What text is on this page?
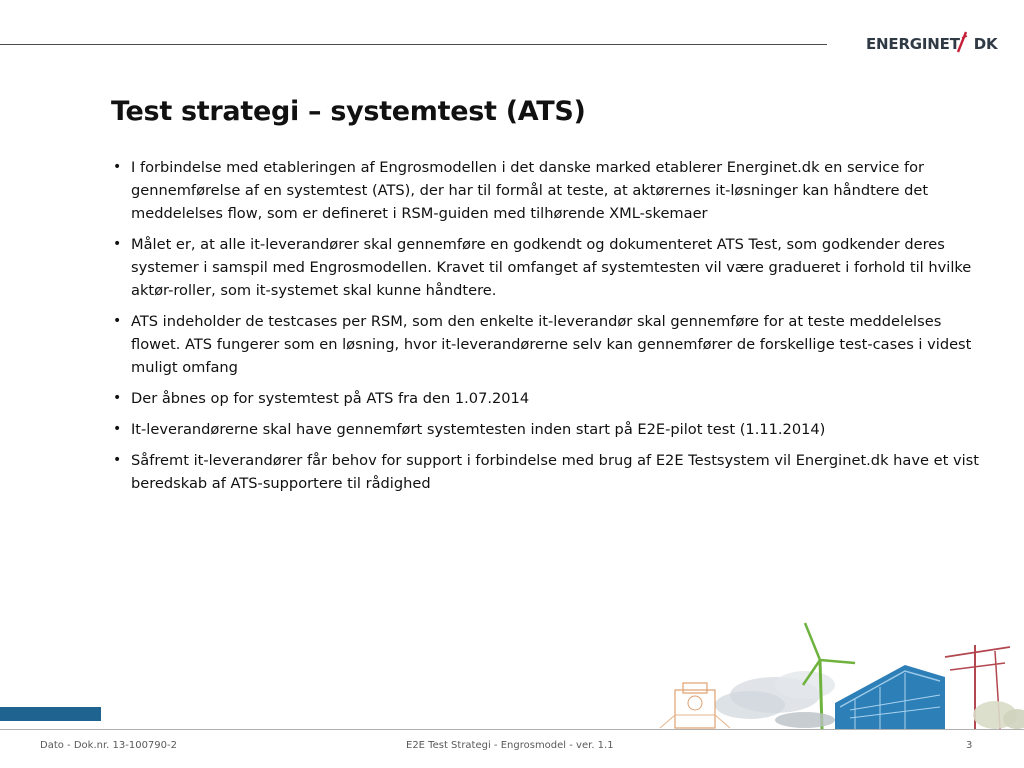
ENERGINET DK
Test strategi – systemtest (ATS)
• I forbindelse med etableringen af Engrosmodellen i det danske marked etablerer Energinet.dk en service for gennemførelse af en systemtest (ATS), der har til formål at teste, at aktørernes it-løsninger kan håndtere det meddelelses flow, som er defineret i RSM-guiden med tilhørende XML-skemaer
• Målet er, at alle it-leverandører skal gennemføre en godkendt og dokumenteret ATS Test, som godkender deres systemer i samspil med Engrosmodellen. Kravet til omfanget af systemtesten vil være gradueret i forhold til hvilke aktør-roller, som it-systemet skal kunne håndtere.
• ATS indeholder de testcases per RSM, som den enkelte it-leverandør skal gennemføre for at teste meddelelses flowet. ATS fungerer som en løsning, hvor it-leverandørerne selv kan gennemfører de forskellige test-cases i videst muligt omfang
• Der åbnes op for systemtest på ATS fra den 1.07.2014
• It-leverandørerne skal have gennemført systemtesten inden start på E2E-pilot test (1.11.2014)
• Såfremt it-leverandører får behov for support i forbindelse med brug af E2E Testsystem vil Energinet.dk have et vist beredskab af ATS-supportere til rådighed
Dato - Dok.nr. 13-100790-2	E2E Test Strategi - Engrosmodel - ver. 1.1	3
